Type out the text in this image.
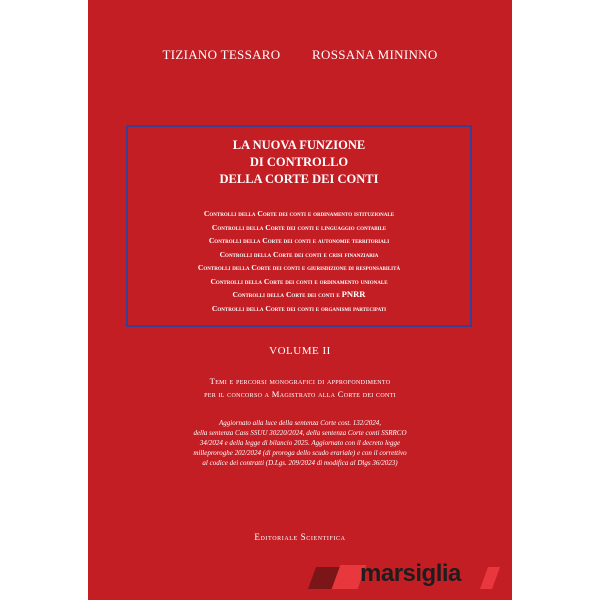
TIZIANO TESSARO ROSSANA MININNO
LA NUOVA FUNZIONE
DI CONTROLLO
DELLA CORTE DEI CONTI
Controlli della Corte dei conti e ordinamento istituzionale
Controlli della Corte dei conti e linguaggio contabile
Controlli della Corte dei conti e autonomie territoriali
Controlli della Corte dei conti e crisi finanziaria
Controlli della Corte dei conti e giurisdizione di responsabilità
Controlli della Corte dei conti e ordinamento unionale
Controlli della Corte dei conti e PNRR
Controlli della Corte dei conti e organismi partecipati
VOLUME II
Temi e percorsi monografici di approfondimento
per il concorso a Magistrato alla Corte dei conti
Aggiornato alla luce della sentenza Corte cost. 132/2024,
della sentenza Cass SSUU 30220/2024, della sentenza Corte conti SSRRCO
34/2024 e della legge di bilancio 2025. Aggiornato con il decreto legge
milleproroghe 202/2024 (di proroga dello scudo erariale) e con il correttivo
al codice dei contratti (D.Lgs. 209/2024 di modifica al Dlgs 36/2023)
Editoriale Scientifica
marsiglia
